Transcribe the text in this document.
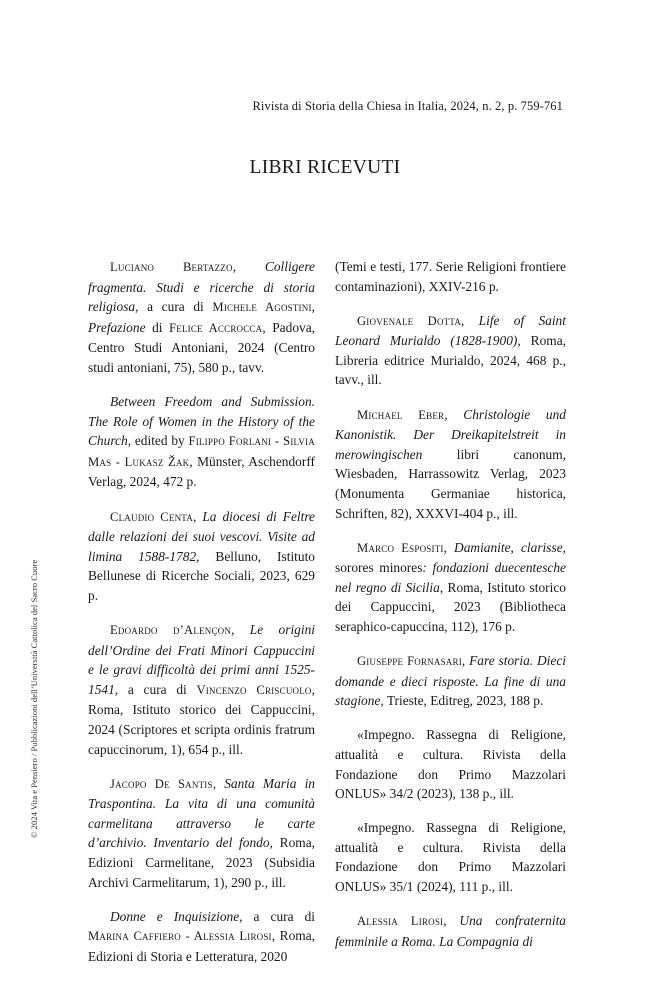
Rivista di Storia della Chiesa in Italia, 2024, n. 2, p. 759-761
LIBRI RICEVUTI

Luciano Bertazzo, Colligere fragmenta. Studi e ricerche di storia religiosa, a cura di Michele Agostini, Prefazione di Felice Accrocca, Padova, Centro Studi Antoniani, 2024 (Centro studi antoniani, 75), 580 p., tavv.

Between Freedom and Submission. The Role of Women in the History of the Church, edited by Filippo Forlani - Silvia Mas - Lukasz Žak, Münster, Aschendorff Verlag, 2024, 472 p.

Claudio Centa, La diocesi di Feltre dalle relazioni dei suoi vescovi. Visite ad limina 1588-1782, Belluno, Istituto Bellunese di Ricerche Sociali, 2023, 629 p.

Edoardo d’Alençon, Le origini dell’Ordine dei Frati Minori Cappuccini e le gravi difficoltà dei primi anni 1525-1541, a cura di Vincenzo Criscuolo, Roma, Istituto storico dei Cappuccini, 2024 (Scriptores et scripta ordinis fratrum capuccinorum, 1), 654 p., ill.

Jacopo De Santis, Santa Maria in Traspontina. La vita di una comunità carmelitana attraverso le carte d’archivio. Inventario del fondo, Roma, Edizioni Carmelitane, 2023 (Subsidia Archivi Carmelitarum, 1), 290 p., ill.

Donne e Inquisizione, a cura di Marina Caffiero - Alessia Lirosi, Roma, Edizioni di Storia e Letteratura, 2020

(Temi e testi, 177. Serie Religioni frontiere contaminazioni), XXIV-216 p.

Giovenale Dotta, Life of Saint Leonard Murialdo (1828-1900), Roma, Libreria editrice Murialdo, 2024, 468 p., tavv., ill.

Michael Eber, Christologie und Kanonistik. Der Dreikapitelstreit in merowingischen libri canonum, Wiesbaden, Harrassowitz Verlag, 2023 (Monumenta Germaniae historica, Schriften, 82), XXXVI-404 p., ill.

Marco Espositi, Damianite, clarisse, sorores minores: fondazioni duecentesche nel regno di Sicilia, Roma, Istituto storico dei Cappuccini, 2023 (Bibliotheca seraphico-capuccina, 112), 176 p.

Giuseppe Fornasari, Fare storia. Dieci domande e dieci risposte. La fine di una stagione, Trieste, Editreg, 2023, 188 p.

«Impegno. Rassegna di Religione, attualità e cultura. Rivista della Fondazione don Primo Mazzolari ONLUS» 34/2 (2023), 138 p., ill.

«Impegno. Rassegna di Religione, attualità e cultura. Rivista della Fondazione don Primo Mazzolari ONLUS» 35/1 (2024), 111 p., ill.

Alessia Lirosi, Una confraternita femminile a Roma. La Compagnia di

© 2024 Vita e Pensiero / Pubblicazioni dell’Università Cattolica del Sacro Cuore
